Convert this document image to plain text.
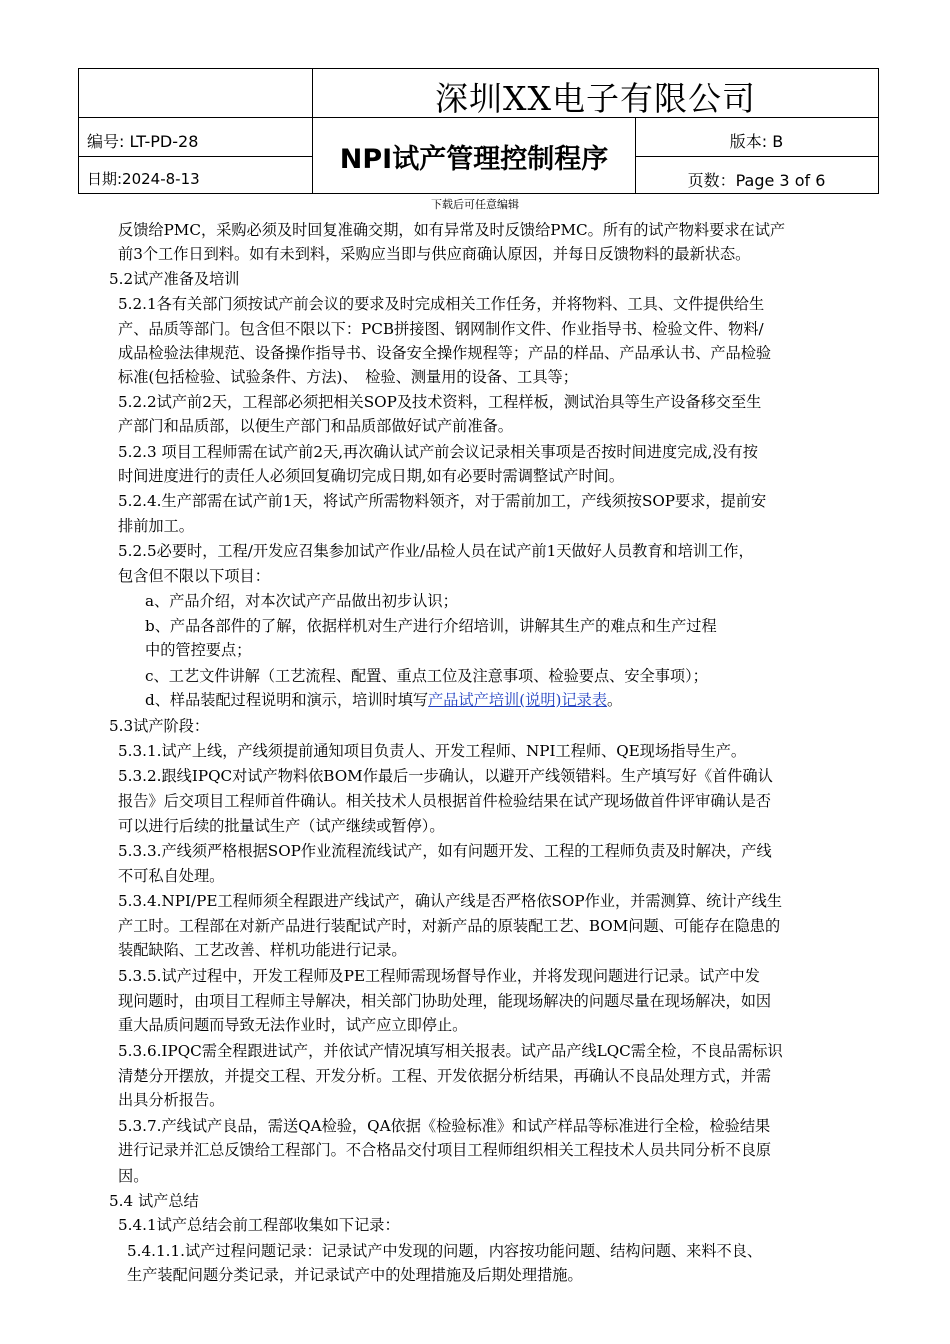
深圳XX电子有限公司
NPI试产管理控制程序
编号: LT-PD-28
日期:2024-8-13
版本: B
页数：Page 3 of 6
下载后可任意编辑
反馈给PMC，采购必须及时回复准确交期，如有异常及时反馈给PMC。所有的试产物料要求在试产
前3个工作日到料。如有未到料，采购应当即与供应商确认原因，并每日反馈物料的最新状态。
5.2试产准备及培训
5.2.1各有关部门须按试产前会议的要求及时完成相关工作任务，并将物料、工具、文件提供给生
产、品质等部门。包含但不限以下：PCB拼接图、钢网制作文件、作业指导书、检验文件、物料/
成品检验法律规范、设备操作指导书、设备安全操作规程等；产品的样品、产品承认书、产品检验
标准(包括检验、试验条件、方法)、　检验、测量用的设备、工具等；
5.2.2试产前2天，工程部必须把相关SOP及技术资料，工程样板，测试治具等生产设备移交至生
产部门和品质部，以便生产部门和品质部做好试产前准备。
5.2.3 项目工程师需在试产前2天,再次确认试产前会议记录相关事项是否按时间进度完成,没有按
时间进度进行的责任人必须回复确切完成日期,如有必要时需调整试产时间。
5.2.4.生产部需在试产前1天，将试产所需物料领齐，对于需前加工，产线须按SOP要求，提前安
排前加工。
5.2.5必要时，工程/开发应召集参加试产作业/品检人员在试产前1天做好人员教育和培训工作，
包含但不限以下项目：
a、产品介绍，对本次试产产品做出初步认识；
b、产品各部件的了解，依据样机对生产进行介绍培训，讲解其生产的难点和生产过程
中的管控要点；
c、工艺文件讲解（工艺流程、配置、重点工位及注意事项、检验要点、安全事项）；
d、样品装配过程说明和演示，培训时填写产品试产培训(说明)记录表。
5.3试产阶段：
5.3.1.试产上线，产线须提前通知项目负责人、开发工程师、NPI工程师、QE现场指导生产。
5.3.2.跟线IPQC对试产物料依BOM作最后一步确认，以避开产线领错料。生产填写好《首件确认
报告》后交项目工程师首件确认。相关技术人员根据首件检验结果在试产现场做首件评审确认是否
可以进行后续的批量试生产（试产继续或暂停）。
5.3.3.产线须严格根据SOP作业流程流线试产，如有问题开发、工程的工程师负责及时解决，产线
不可私自处理。
5.3.4.NPI/PE工程师须全程跟进产线试产，确认产线是否严格依SOP作业，并需测算、统计产线生
产工时。工程部在对新产品进行装配试产时，对新产品的原装配工艺、BOM问题、可能存在隐患的
装配缺陷、工艺改善、样机功能进行记录。
5.3.5.试产过程中，开发工程师及PE工程师需现场督导作业，并将发现问题进行记录。试产中发
现问题时，由项目工程师主导解决，相关部门协助处理，能现场解决的问题尽量在现场解决，如因
重大品质问题而导致无法作业时，试产应立即停止。
5.3.6.IPQC需全程跟进试产，并依试产情况填写相关报表。试产品产线LQC需全检，不良品需标识
清楚分开摆放，并提交工程、开发分析。工程、开发依据分析结果，再确认不良品处理方式，并需
出具分析报告。
5.3.7.产线试产良品，需送QA检验，QA依据《检验标准》和试产样品等标准进行全检，检验结果
进行记录并汇总反馈给工程部门。不合格品交付项目工程师组织相关工程技术人员共同分析不良原
因。
5.4 试产总结
5.4.1试产总结会前工程部收集如下记录：
5.4.1.1.试产过程问题记录：记录试产中发现的问题，内容按功能问题、结构问题、来料不良、
生产装配问题分类记录，并记录试产中的处理措施及后期处理措施。
